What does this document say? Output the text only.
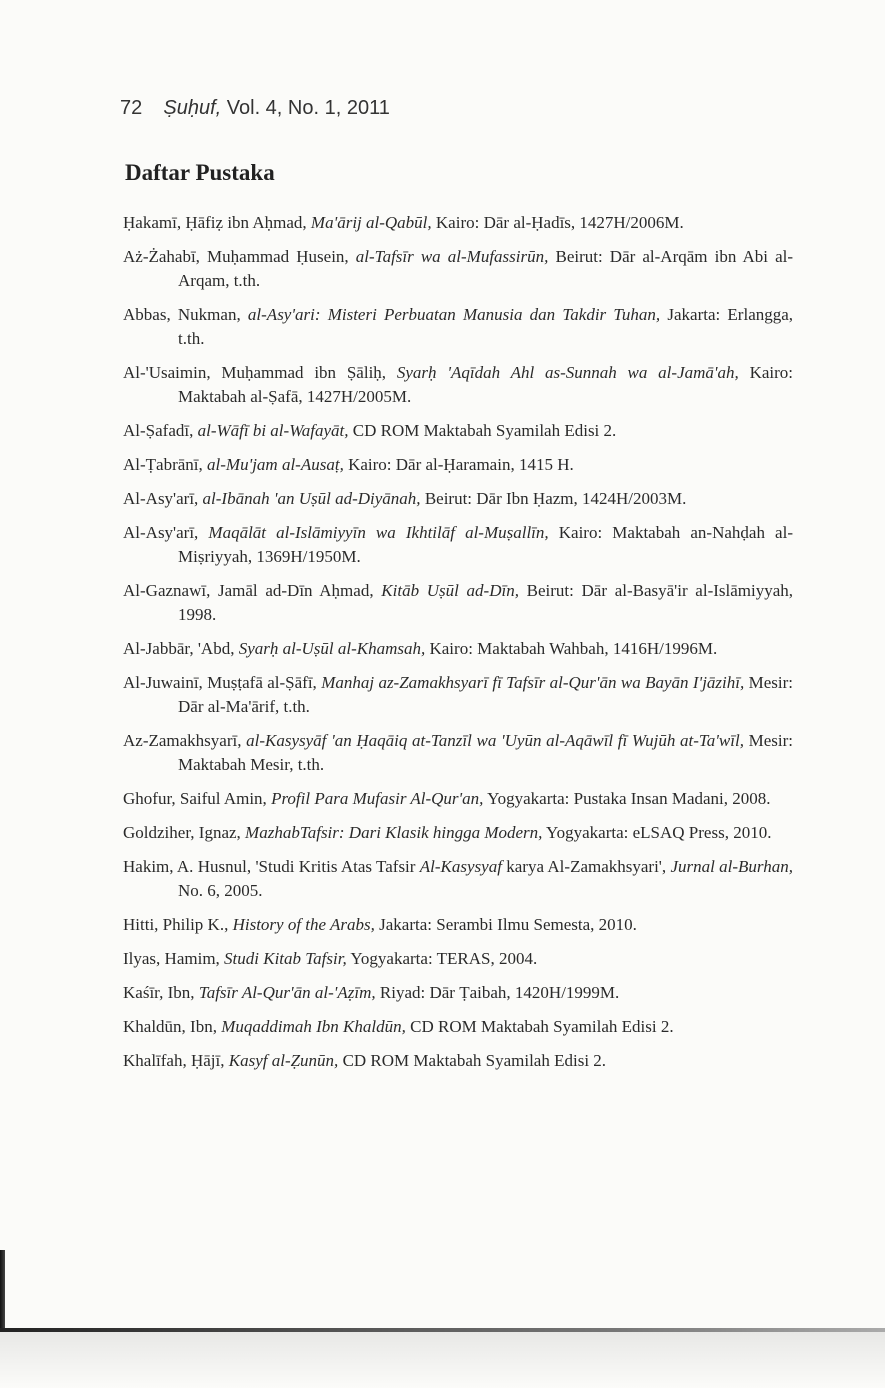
72 Ṣuḥuf, Vol. 4, No. 1, 2011
Daftar Pustaka

Ḥakamī, Ḥāfiẓ ibn Aḥmad, Ma'ārij al-Qabūl, Kairo: Dār al-Ḥadīs, 1427H/2006M.

Aż-Żahabī, Muḥammad Ḥusein, al-Tafsīr wa al-Mufassirūn, Beirut: Dār al-Arqām ibn Abi al-Arqam, t.th.

Abbas, Nukman, al-Asy'ari: Misteri Perbuatan Manusia dan Takdir Tuhan, Jakarta: Erlangga, t.th.

Al-'Usaimin, Muḥammad ibn Ṣāliḥ, Syarḥ 'Aqīdah Ahl as-Sunnah wa al-Jamā'ah, Kairo: Maktabah al-Ṣafā, 1427H/2005M.

Al-Ṣafadī, al-Wāfī bi al-Wafayāt, CD ROM Maktabah Syamilah Edisi 2.

Al-Ṭabrānī, al-Mu'jam al-Ausaṭ, Kairo: Dār al-Ḥaramain, 1415 H.

Al-Asy'arī, al-Ibānah 'an Uṣūl ad-Diyānah, Beirut: Dār Ibn Ḥazm, 1424H/2003M.

Al-Asy'arī, Maqālāt al-Islāmiyyīn wa Ikhtilāf al-Muṣallīn, Kairo: Maktabah an-Nahḍah al-Miṣriyyah, 1369H/1950M.

Al-Gaznawī, Jamāl ad-Dīn Aḥmad, Kitāb Uṣūl ad-Dīn, Beirut: Dār al-Basyā'ir al-Islāmiyyah, 1998.

Al-Jabbār, 'Abd, Syarḥ al-Uṣūl al-Khamsah, Kairo: Maktabah Wahbah, 1416H/1996M.

Al-Juwainī, Muṣṭafā al-Ṣāfī, Manhaj az-Zamakhsyarī fī Tafsīr al-Qur'ān wa Bayān I'jāzihī, Mesir: Dār al-Ma'ārif, t.th.

Az-Zamakhsyarī, al-Kasysyāf 'an Ḥaqāiq at-Tanzīl wa 'Uyūn al-Aqāwīl fī Wujūh at-Ta'wīl, Mesir: Maktabah Mesir, t.th.

Ghofur, Saiful Amin, Profil Para Mufasir Al-Qur'an, Yogyakarta: Pustaka Insan Madani, 2008.

Goldziher, Ignaz, MazhabTafsir: Dari Klasik hingga Modern, Yogyakarta: eLSAQ Press, 2010.

Hakim, A. Husnul, 'Studi Kritis Atas Tafsir Al-Kasysyaf karya Al-Zamakhsyari', Jurnal al-Burhan, No. 6, 2005.

Hitti, Philip K., History of the Arabs, Jakarta: Serambi Ilmu Semesta, 2010.

Ilyas, Hamim, Studi Kitab Tafsir, Yogyakarta: TERAS, 2004.

Kaśīr, Ibn, Tafsīr Al-Qur'ān al-'Aẓīm, Riyad: Dār Ṭaibah, 1420H/1999M.

Khaldūn, Ibn, Muqaddimah Ibn Khaldūn, CD ROM Maktabah Syamilah Edisi 2.

Khalīfah, Ḥājī, Kasyf al-Ẓunūn, CD ROM Maktabah Syamilah Edisi 2.
